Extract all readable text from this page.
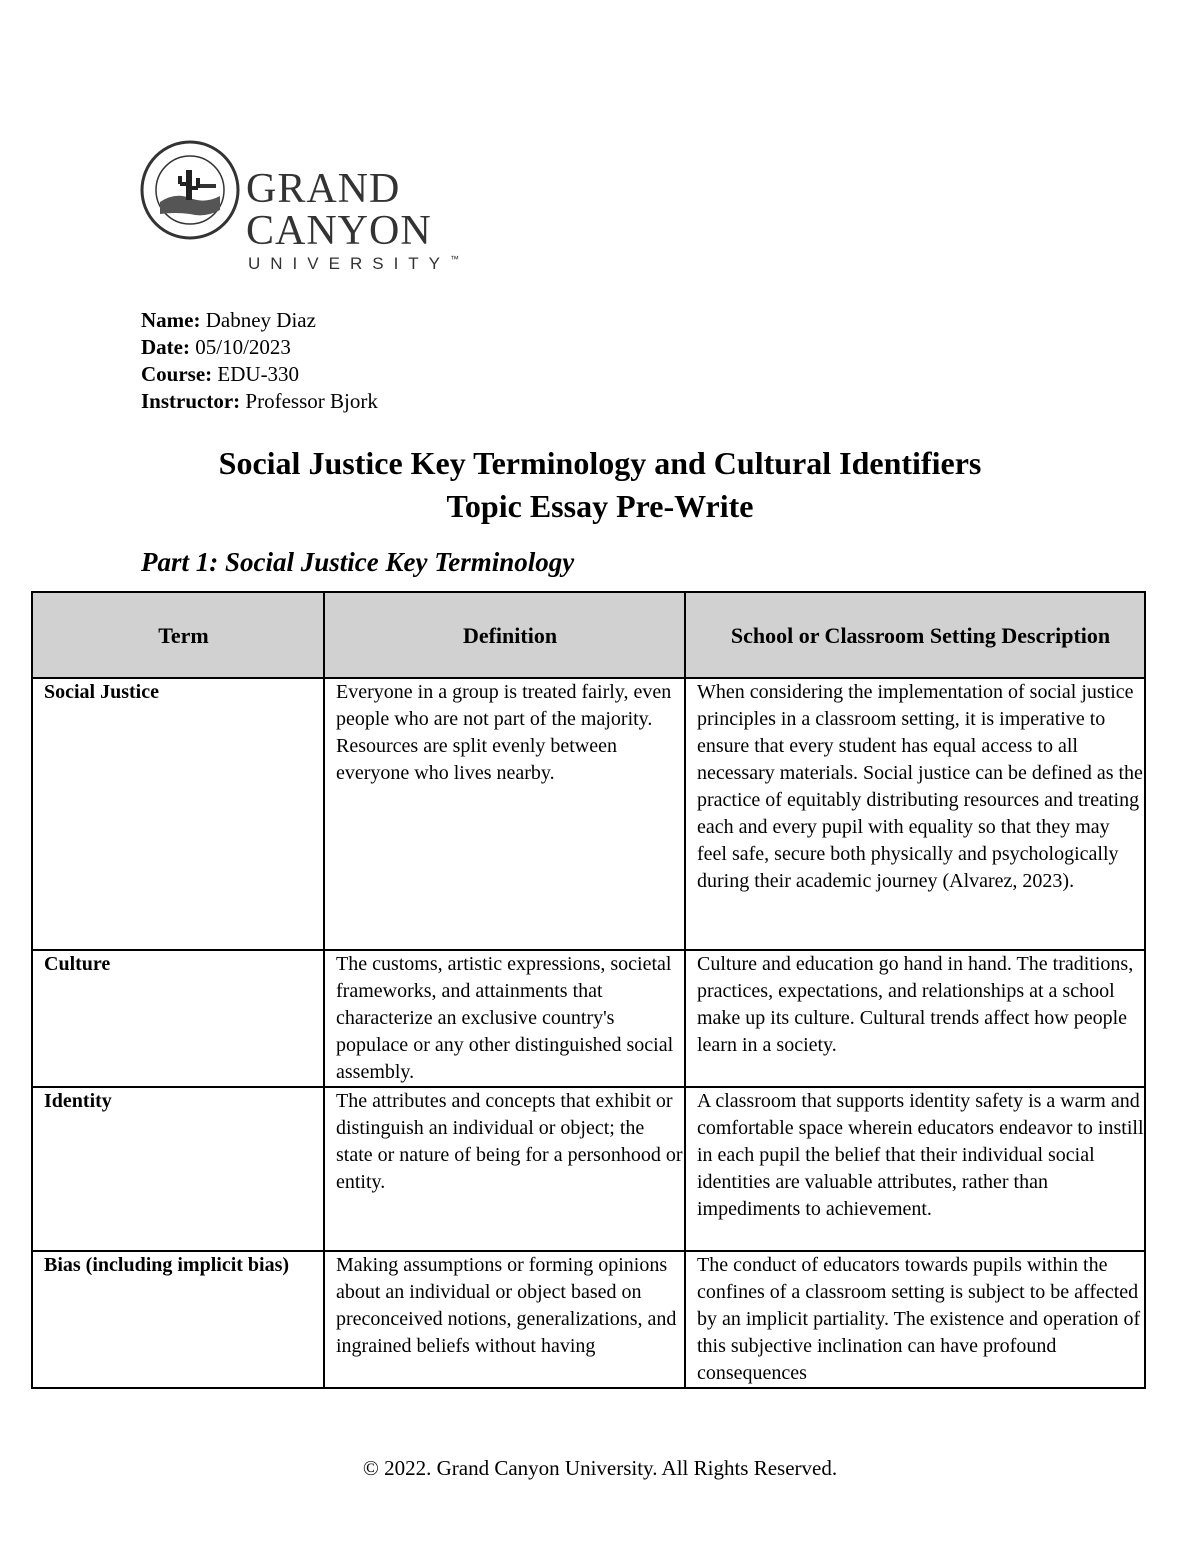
GRAND CANYON
UNIVERSITY™
Name: Dabney Diaz
Date: 05/10/2023
Course: EDU-330
Instructor: Professor Bjork
Social Justice Key Terminology and Cultural Identifiers
Topic Essay Pre-Write
Part 1: Social Justice Key Terminology
Term	Definition	School or Classroom Setting Description
Social Justice	Everyone in a group is treated fairly, even people who are not part of the majority. Resources are split evenly between everyone who lives nearby.	When considering the implementation of social justice principles in a classroom setting, it is imperative to ensure that every student has equal access to all necessary materials. Social justice can be defined as the practice of equitably distributing resources and treating each and every pupil with equality so that they may feel safe, secure both physically and psychologically during their academic journey (Alvarez, 2023).
Culture	The customs, artistic expressions, societal frameworks, and attainments that characterize an exclusive country's populace or any other distinguished social assembly.	Culture and education go hand in hand. The traditions, practices, expectations, and relationships at a school make up its culture. Cultural trends affect how people learn in a society.
Identity	The attributes and concepts that exhibit or distinguish an individual or object; the state or nature of being for a personhood or entity.	A classroom that supports identity safety is a warm and comfortable space wherein educators endeavor to instill in each pupil the belief that their individual social identities are valuable attributes, rather than impediments to achievement.
Bias (including implicit bias)	Making assumptions or forming opinions about an individual or object based on preconceived notions, generalizations, and ingrained beliefs without having	The conduct of educators towards pupils within the confines of a classroom setting is subject to be affected by an implicit partiality. The existence and operation of this subjective inclination can have profound consequences
© 2022. Grand Canyon University. All Rights Reserved.
